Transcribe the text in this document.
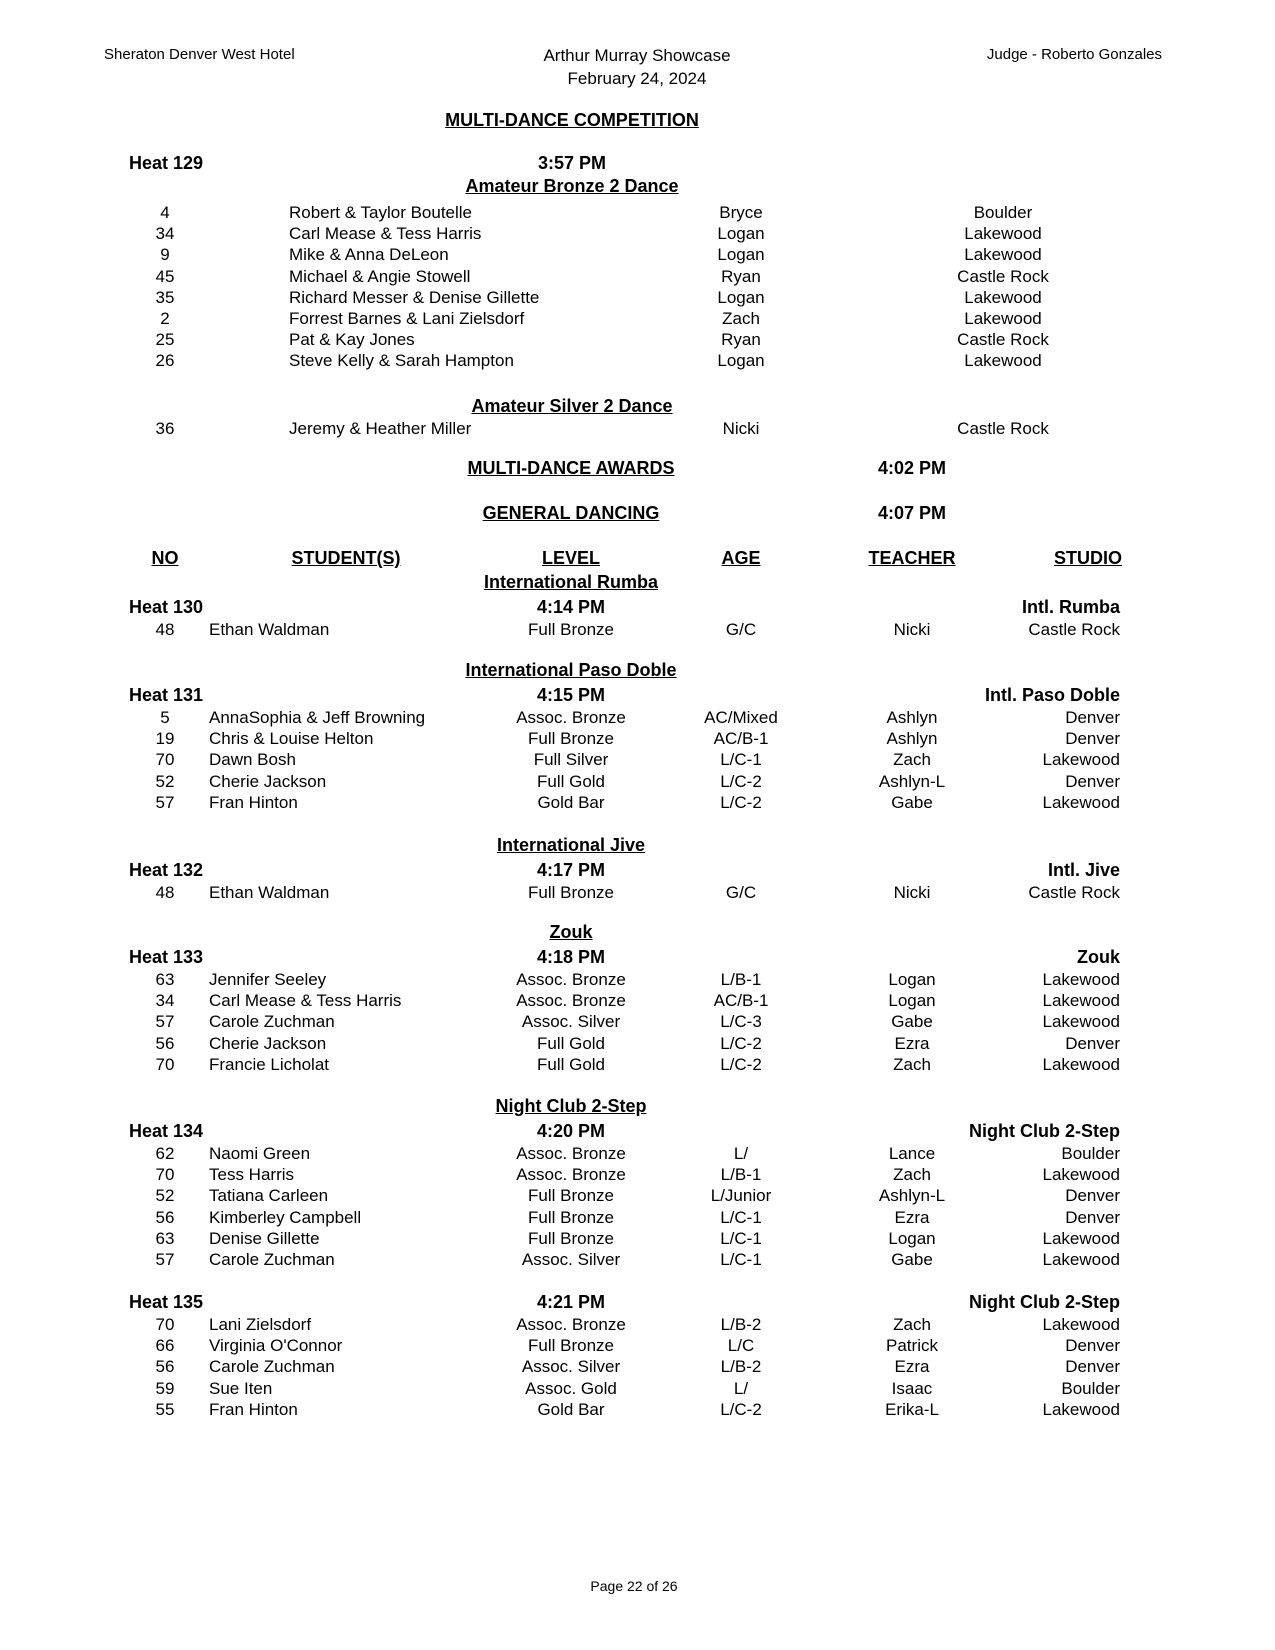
Sheraton Denver West Hotel	Arthur Murray Showcase
February 24, 2024
Judge - Roberto Gonzales
MULTI-DANCE COMPETITION
Heat 129	3:57 PM
Amateur Bronze 2 Dance
4	Robert & Taylor Boutelle	Bryce	Boulder
34	Carl Mease & Tess Harris	Logan	Lakewood
9	Mike & Anna DeLeon	Logan	Lakewood
45	Michael & Angie Stowell	Ryan	Castle Rock
35	Richard Messer & Denise Gillette	Logan	Lakewood
2	Forrest Barnes & Lani Zielsdorf	Zach	Lakewood
25	Pat & Kay Jones	Ryan	Castle Rock
26	Steve Kelly & Sarah Hampton	Logan	Lakewood
Amateur Silver 2 Dance
36	Jeremy & Heather Miller	Nicki	Castle Rock
MULTI-DANCE AWARDS	4:02 PM
GENERAL DANCING	4:07 PM
NO	STUDENT(S)	LEVEL	AGE	TEACHER	STUDIO
International Rumba
Heat 130	4:14 PM	Intl. Rumba
48 Ethan Waldman	Full Bronze	G/C	Nicki	Castle Rock
International Paso Doble
Heat 131	4:15 PM	Intl. Paso Doble
5 AnnaSophia & Jeff Browning	Assoc. Bronze	AC/Mixed	Ashlyn	Denver
19 Chris & Louise Helton	Full Bronze	AC/B-1	Ashlyn	Denver
70 Dawn Bosh	Full Silver	L/C-1	Zach	Lakewood
52 Cherie Jackson	Full Gold	L/C-2	Ashlyn-L	Denver
57 Fran Hinton	Gold Bar	L/C-2	Gabe	Lakewood
International Jive
Heat 132	4:17 PM	Intl. Jive
48 Ethan Waldman	Full Bronze	G/C	Nicki	Castle Rock
Zouk
Heat 133	4:18 PM	Zouk
63 Jennifer Seeley	Assoc. Bronze	L/B-1	Logan	Lakewood
34 Carl Mease & Tess Harris	Assoc. Bronze	AC/B-1	Logan	Lakewood
57 Carole Zuchman	Assoc. Silver	L/C-3	Gabe	Lakewood
56 Cherie Jackson	Full Gold	L/C-2	Ezra	Denver
70 Francie Licholat	Full Gold	L/C-2	Zach	Lakewood
Night Club 2-Step
Heat 134	4:20 PM	Night Club 2-Step
62 Naomi Green	Assoc. Bronze	L/	Lance	Boulder
70 Tess Harris	Assoc. Bronze	L/B-1	Zach	Lakewood
52 Tatiana Carleen	Full Bronze	L/Junior	Ashlyn-L	Denver
56 Kimberley Campbell	Full Bronze	L/C-1	Ezra	Denver
63 Denise Gillette	Full Bronze	L/C-1	Logan	Lakewood
57 Carole Zuchman	Assoc. Silver	L/C-1	Gabe	Lakewood
Heat 135	4:21 PM	Night Club 2-Step
70 Lani Zielsdorf	Assoc. Bronze	L/B-2	Zach	Lakewood
66 Virginia O'Connor	Full Bronze	L/C	Patrick	Denver
56 Carole Zuchman	Assoc. Silver	L/B-2	Ezra	Denver
59 Sue Iten	Assoc. Gold	L/	Isaac	Boulder
55 Fran Hinton	Gold Bar	L/C-2	Erika-L	Lakewood
Page 22 of 26
